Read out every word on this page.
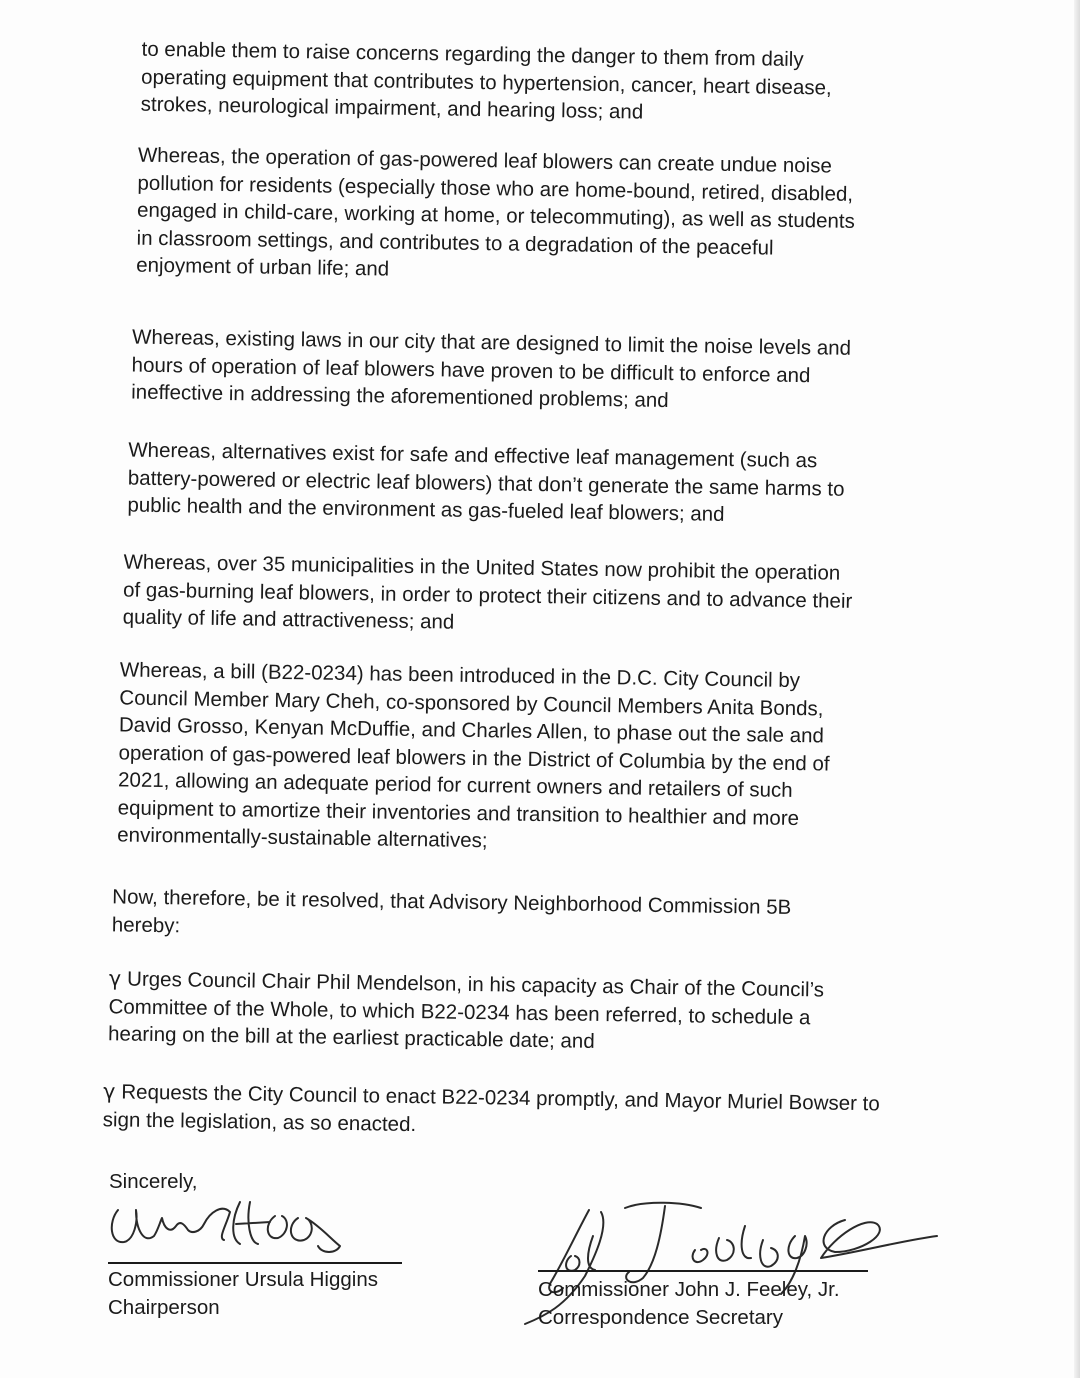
to enable them to raise concerns regarding the danger to them from daily
operating equipment that contributes to hypertension, cancer, heart disease,
strokes, neurological impairment, and hearing loss; and

Whereas, the operation of gas-powered leaf blowers can create undue noise
pollution for residents (especially those who are home-bound, retired, disabled,
engaged in child-care, working at home, or telecommuting), as well as students
in classroom settings, and contributes to a degradation of the peaceful
enjoyment of urban life; and

Whereas, existing laws in our city that are designed to limit the noise levels and
hours of operation of leaf blowers have proven to be difficult to enforce and
ineffective in addressing the aforementioned problems; and

Whereas, alternatives exist for safe and effective leaf management (such as
battery-powered or electric leaf blowers) that don’t generate the same harms to
public health and the environment as gas-fueled leaf blowers; and

Whereas, over 35 municipalities in the United States now prohibit the operation
of gas-burning leaf blowers, in order to protect their citizens and to advance their
quality of life and attractiveness; and

Whereas, a bill (B22-0234) has been introduced in the D.C. City Council by
Council Member Mary Cheh, co-sponsored by Council Members Anita Bonds,
David Grosso, Kenyan McDuffie, and Charles Allen, to phase out the sale and
operation of gas-powered leaf blowers in the District of Columbia by the end of
2021, allowing an adequate period for current owners and retailers of such
equipment to amortize their inventories and transition to healthier and more
environmentally-sustainable alternatives;

Now, therefore, be it resolved, that Advisory Neighborhood Commission 5B
hereby:

γ Urges Council Chair Phil Mendelson, in his capacity as Chair of the Council’s
Committee of the Whole, to which B22-0234 has been referred, to schedule a
hearing on the bill at the earliest practicable date; and
γ Requests the City Council to enact B22-0234 promptly, and Mayor Muriel Bowser to
sign the legislation, as so enacted.
Sincerely,
Commissioner Ursula Higgins
Chairperson
Commissioner John J. Feeley, Jr.
Correspondence Secretary
